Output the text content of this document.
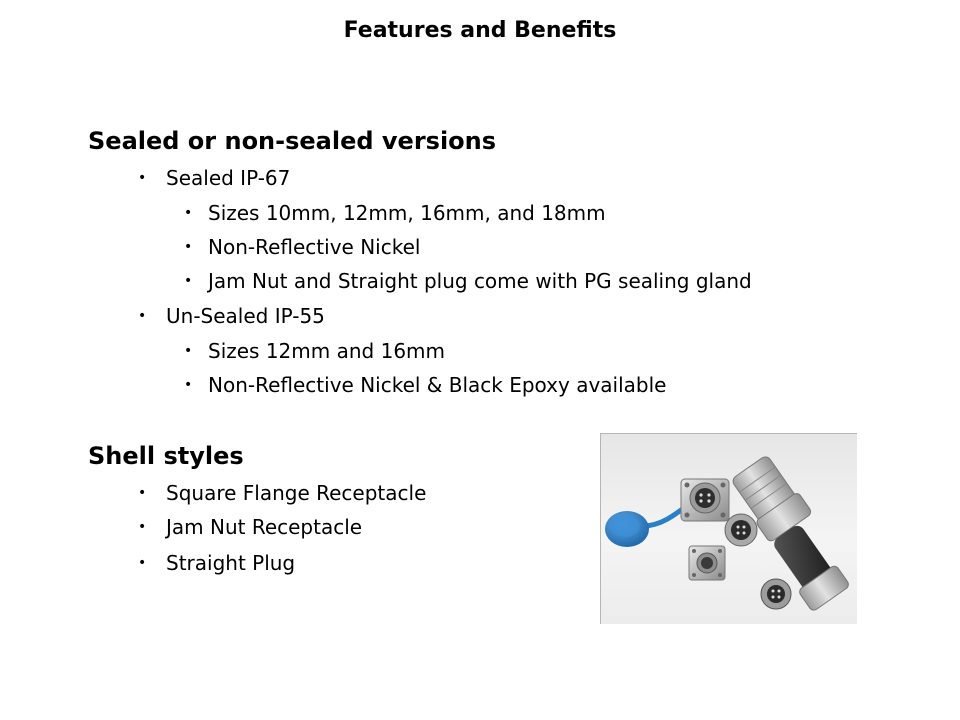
Features and Benefits
Sealed or non-sealed versions
• Sealed IP-67
• Sizes 10mm, 12mm, 16mm, and 18mm
• Non-Reflective Nickel
• Jam Nut and Straight plug come with PG sealing gland
• Un-Sealed IP-55
• Sizes 12mm and 16mm
• Non-Reflective Nickel & Black Epoxy available
Shell styles
• Square Flange Receptacle
• Jam Nut Receptacle
• Straight Plug
